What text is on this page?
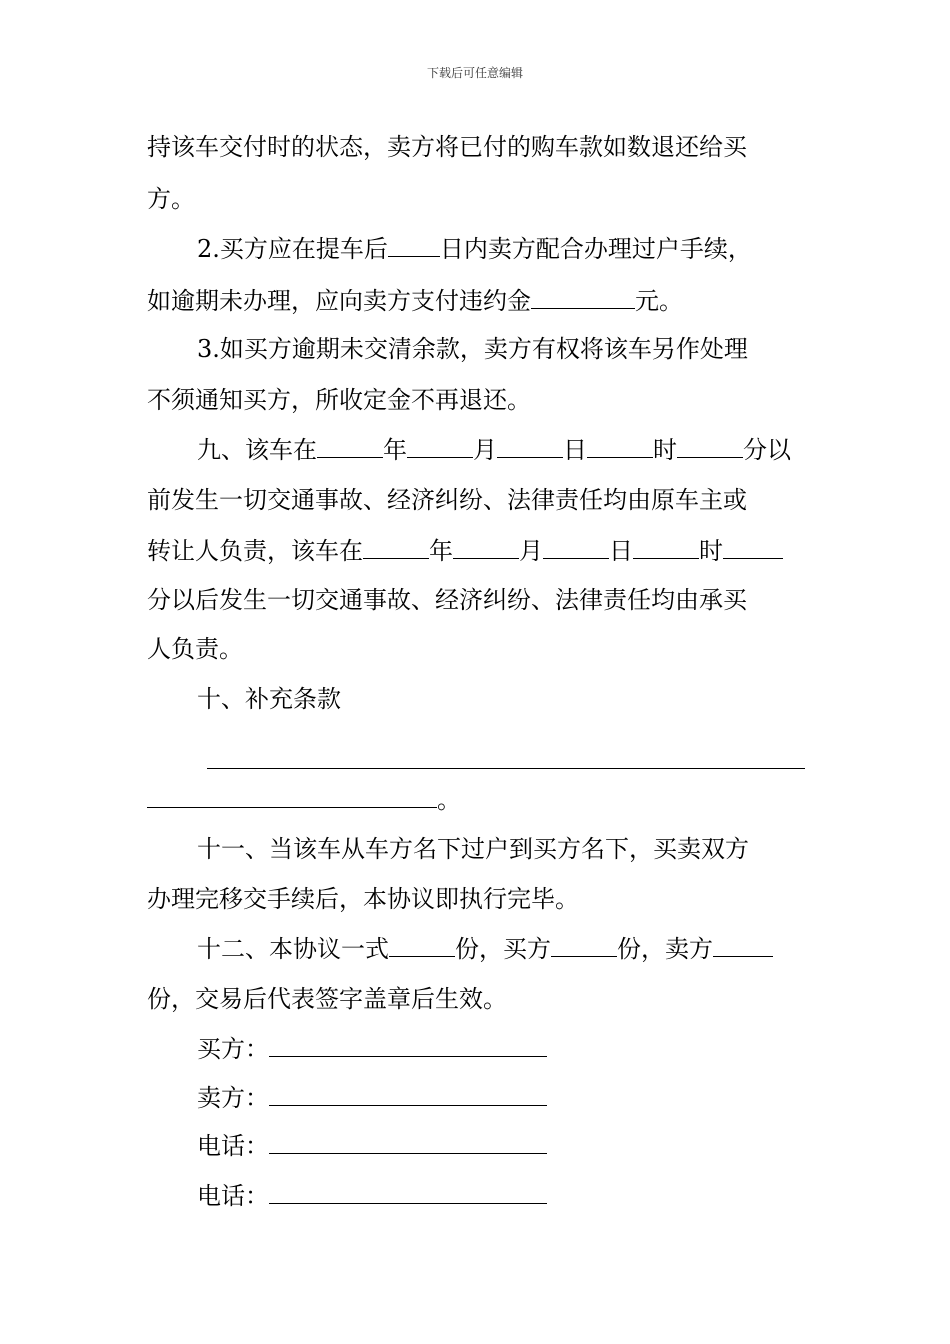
下载后可任意编辑
持该车交付时的状态，卖方将已付的购车款如数退还给买
方。
2.买方应在提车后 日内卖方配合办理过户手续，
如逾期未办理，应向卖方支付违约金	元。
3.如买方逾期未交清余款，卖方有权将该车另作处理
不须通知买方，所收定金不再退还。
九、该车在	年	月	日	时	分以
前发生一切交通事故、经济纠纷、法律责任均由原车主或
转让人负责，该车在	年	月	日	时
分以后发生一切交通事故、经济纠纷、法律责任均由承买
人负责。
十、补充条款
。
十一、当该车从车方名下过户到买方名下，买卖双方
办理完移交手续后，本协议即执行完毕。
十二、本协议一式	份，买方	份，卖方
份，交易后代表签字盖章后生效。
买方：
卖方：
电话：
电话：
